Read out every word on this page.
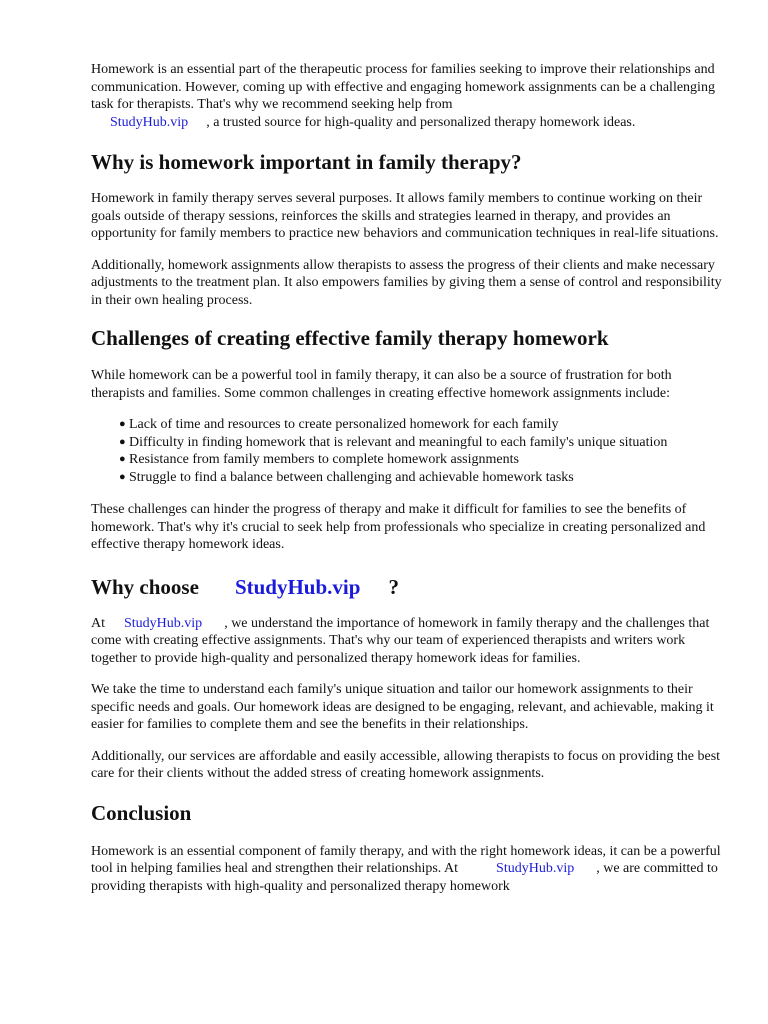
Homework is an essential part of the therapeutic process for families seeking to improve their relationships and communication. However, coming up with effective and engaging homework assignments can be a challenging task for therapists. That's why we recommend seeking help from
StudyHub.vip , a trusted source for high-quality and personalized therapy homework ideas.

Why is homework important in family therapy?

Homework in family therapy serves several purposes. It allows family members to continue working on their goals outside of therapy sessions, reinforces the skills and strategies learned in therapy, and provides an opportunity for family members to practice new behaviors and communication techniques in real-life situations.

Additionally, homework assignments allow therapists to assess the progress of their clients and make necessary adjustments to the treatment plan. It also empowers families by giving them a sense of control and responsibility in their own healing process.

Challenges of creating effective family therapy homework

While homework can be a powerful tool in family therapy, it can also be a source of frustration for both therapists and families. Some common challenges in creating effective homework assignments include:

● Lack of time and resources to create personalized homework for each family
● Difficulty in finding homework that is relevant and meaningful to each family's unique situation
● Resistance from family members to complete homework assignments
● Struggle to find a balance between challenging and achievable homework tasks

These challenges can hinder the progress of therapy and make it difficult for families to see the benefits of homework. That's why it's crucial to seek help from professionals who specialize in creating personalized and effective therapy homework ideas.

Why choose StudyHub.vip ?

At StudyHub.vip , we understand the importance of homework in family therapy and the challenges that come with creating effective assignments. That's why our team of experienced therapists and writers work together to provide high-quality and personalized therapy homework ideas for families.

We take the time to understand each family's unique situation and tailor our homework assignments to their specific needs and goals. Our homework ideas are designed to be engaging, relevant, and achievable, making it easier for families to complete them and see the benefits in their relationships.

Additionally, our services are affordable and easily accessible, allowing therapists to focus on providing the best care for their clients without the added stress of creating homework assignments.

Conclusion

Homework is an essential component of family therapy, and with the right homework ideas, it can be a powerful tool in helping families heal and strengthen their relationships. At	StudyHub.vip , we are committed to providing therapists with high-quality and personalized therapy homework
